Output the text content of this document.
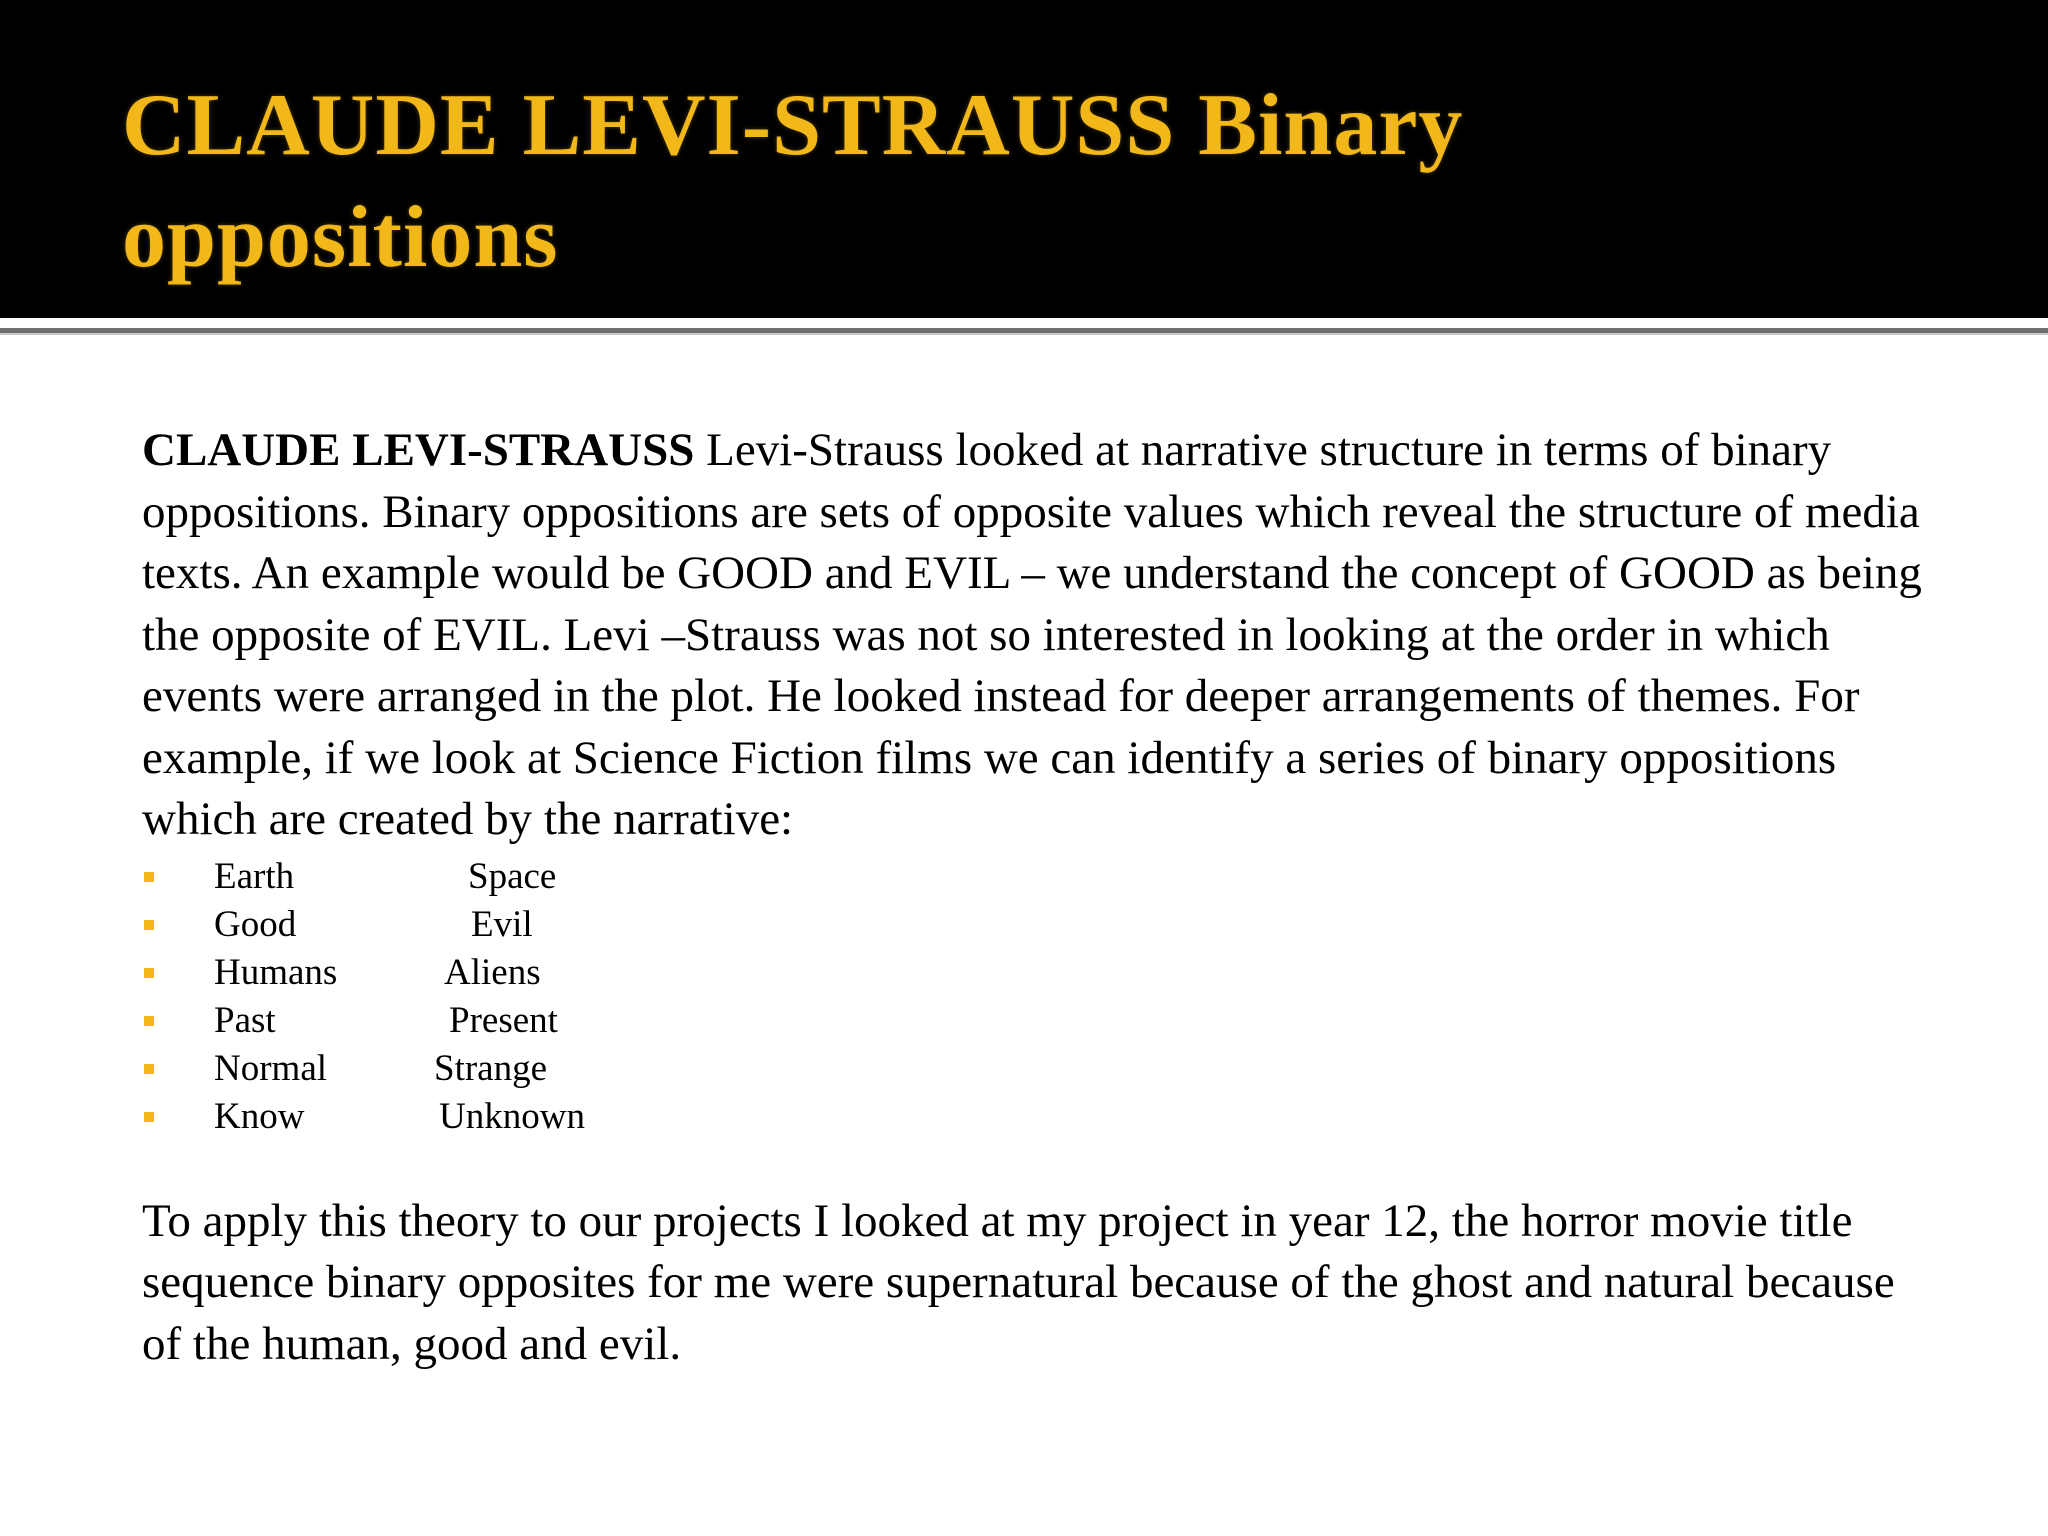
CLAUDE LEVI-STRAUSS Binary oppositions

CLAUDE LEVI-STRAUSS Levi-Strauss looked at narrative structure in terms of binary oppositions. Binary oppositions are sets of opposite values which reveal the structure of media texts. An example would be GOOD and EVIL – we understand the concept of GOOD as being the opposite of EVIL. Levi –Strauss was not so interested in looking at the order in which events were arranged in the plot. He looked instead for deeper arrangements of themes. For example, if we look at Science Fiction films we can identify a series of binary oppositions which are created by the narrative:

Earth	Space
Good	Evil
Humans	Aliens
Past	Present
Normal	Strange
Know	Unknown

To apply this theory to our projects I looked at my project in year 12, the horror movie title sequence binary opposites for me were supernatural because of the ghost and natural because of the human, good and evil.
